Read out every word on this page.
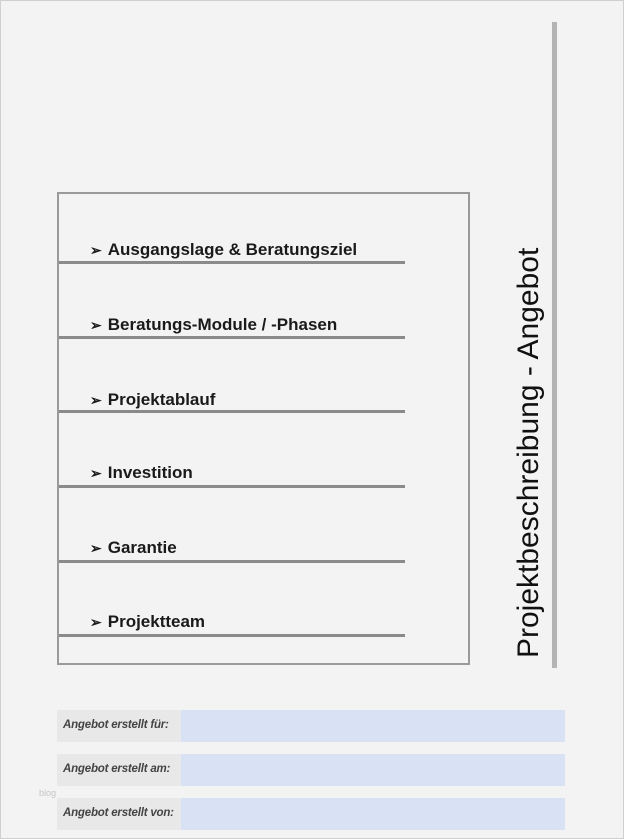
➢ Ausgangslage & Beratungsziel
➢ Beratungs-Module / -Phasen
➢ Projektablauf
➢ Investition
➢ Garantie
➢ Projektteam	Projektbeschreibung - Angebot
Angebot erstellt für:
Angebot erstellt am:
Angebot erstellt von:
blog
